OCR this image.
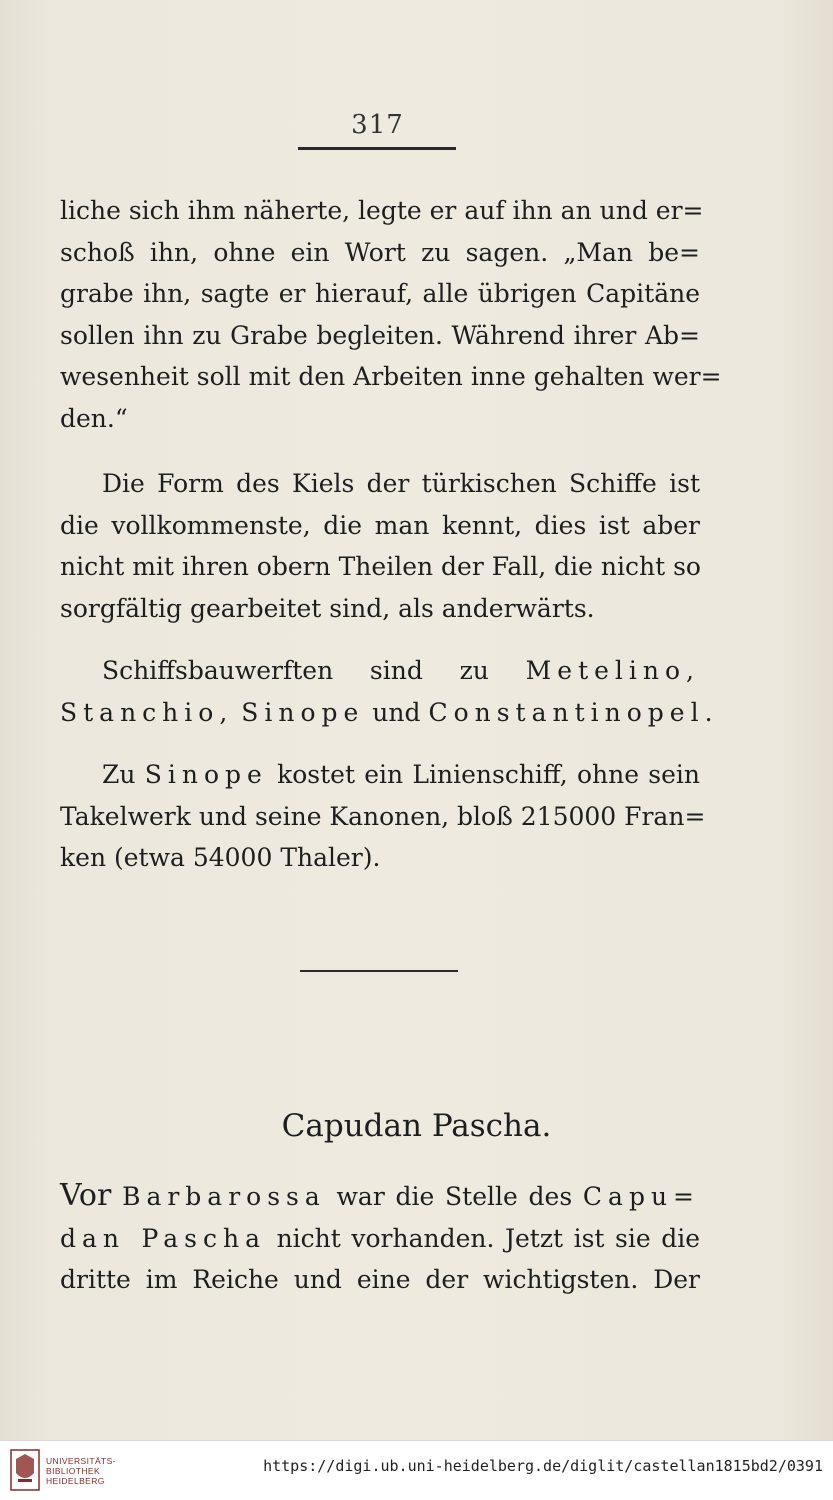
317
liche sich ihm näherte, legte er auf ihn an und er=
schoß ihn, ohne ein Wort zu sagen. „Man be=
grabe ihn, sagte er hierauf, alle übrigen Capitäne
sollen ihn zu Grabe begleiten. Während ihrer Ab=
wesenheit soll mit den Arbeiten inne gehalten wer=
den.“
Die Form des Kiels der türkischen Schiffe ist
die vollkommenste, die man kennt, dies ist aber
nicht mit ihren obern Theilen der Fall, die nicht so
sorgfältig gearbeitet sind, als anderwärts.
Schiffsbauwerften sind zu Metelino,
Stanchio, Sinope und Constantinopel.
Zu Sinope kostet ein Linienschiff, ohne sein
Takelwerk und seine Kanonen, bloß 215000 Fran=
ken (etwa 54000 Thaler).
Capudan Pascha.
Vor Barbarossa war die Stelle des Capu=
dan Pascha nicht vorhanden. Jetzt ist sie die
dritte im Reiche und eine der wichtigsten. Der
UNIVERSITÄTS-
BIBLIOTHEK
HEIDELBERG
https://digi.ub.uni-heidelberg.de/diglit/castellan1815bd2/0391
